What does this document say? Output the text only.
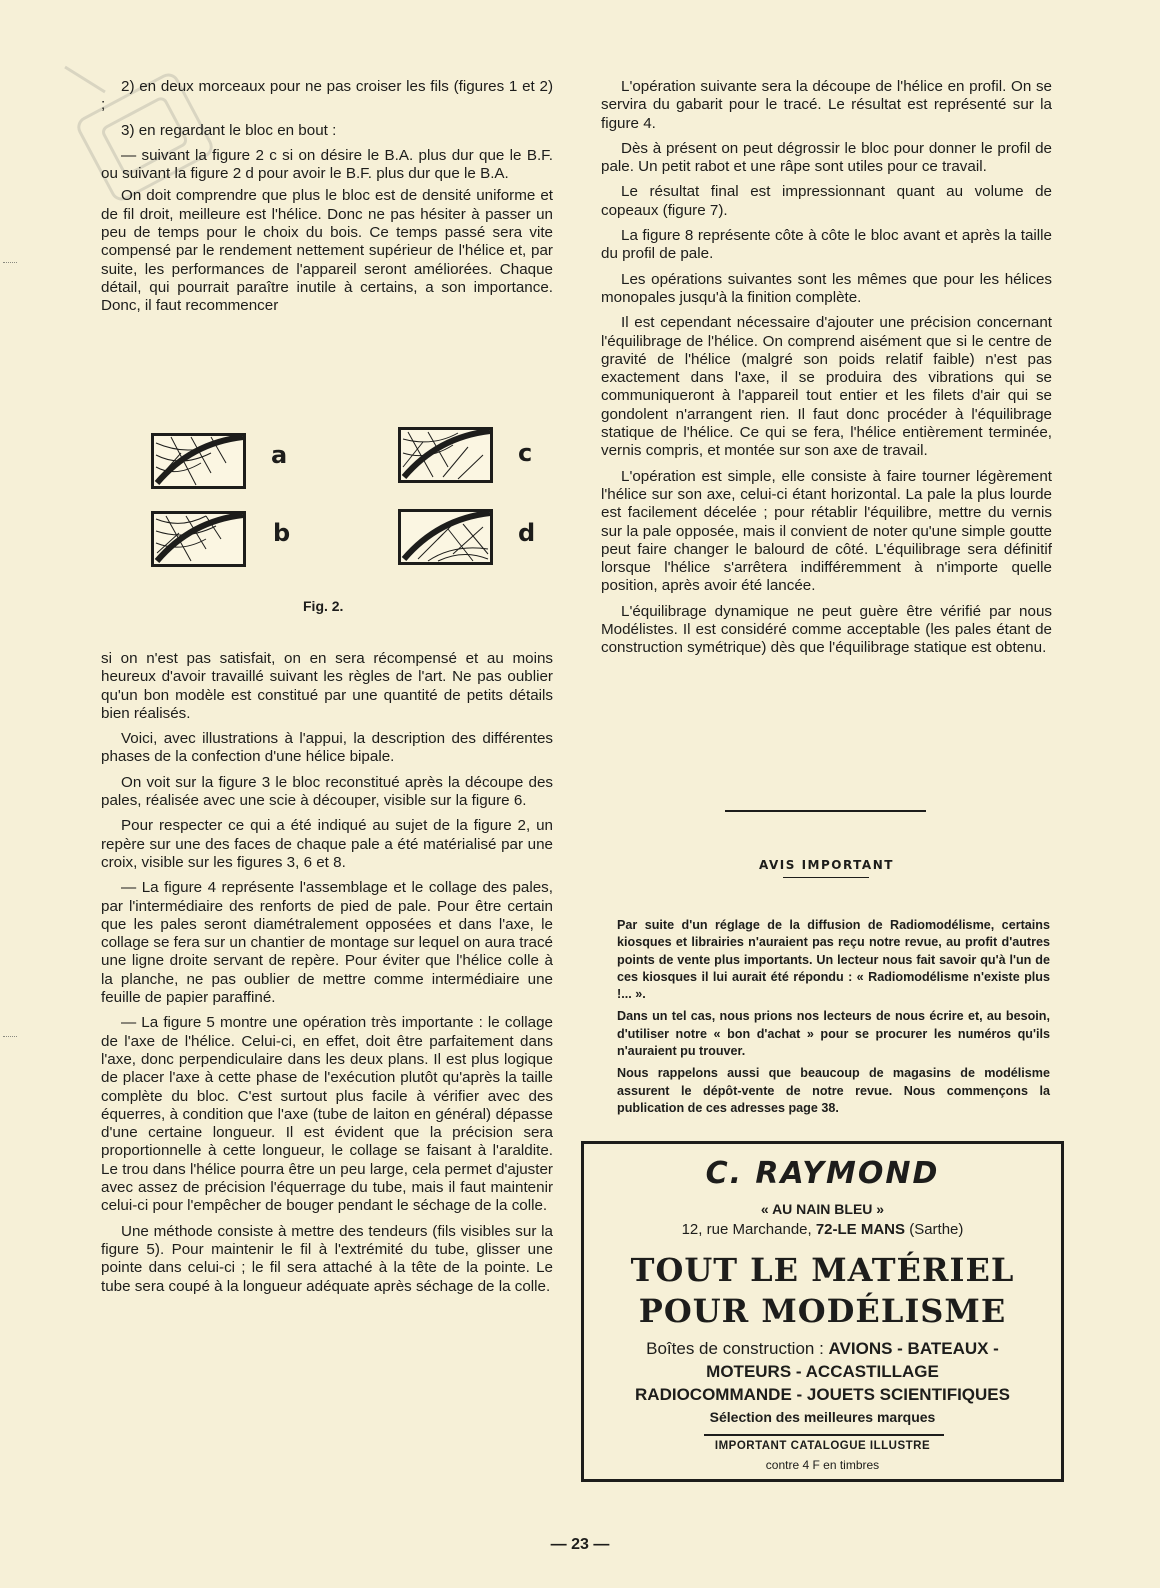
2) en deux morceaux pour ne pas croiser les fils (figures 1 et 2) ;

3) en regardant le bloc en bout :

— suivant la figure 2 c si on désire le B.A. plus dur que le B.F. ou suivant la figure 2 d pour avoir le B.F. plus dur que le B.A.

On doit comprendre que plus le bloc est de densité uniforme et de fil droit, meilleure est l'hélice. Donc ne pas hésiter à passer un peu de temps pour le choix du bois. Ce temps passé sera vite compensé par le rendement nettement supérieur de l'hélice et, par suite, les performances de l'appareil seront améliorées. Chaque détail, qui pourrait paraître inutile à certains, a son importance. Donc, il faut recommencer

a	c
b	d
Fig. 2.

si on n'est pas satisfait, on en sera récompensé et au moins heureux d'avoir travaillé suivant les règles de l'art. Ne pas oublier qu'un bon modèle est constitué par une quantité de petits détails bien réalisés.

Voici, avec illustrations à l'appui, la description des différentes phases de la confection d'une hélice bipale.

On voit sur la figure 3 le bloc reconstitué après la découpe des pales, réalisée avec une scie à découper, visible sur la figure 6.

Pour respecter ce qui a été indiqué au sujet de la figure 2, un repère sur une des faces de chaque pale a été matérialisé par une croix, visible sur les figures 3, 6 et 8.

— La figure 4 représente l'assemblage et le collage des pales, par l'intermédiaire des renforts de pied de pale. Pour être certain que les pales seront diamétralement opposées et dans l'axe, le collage se fera sur un chantier de montage sur lequel on aura tracé une ligne droite servant de repère. Pour éviter que l'hélice colle à la planche, ne pas oublier de mettre comme intermédiaire une feuille de papier paraffiné.

— La figure 5 montre une opération très importante : le collage de l'axe de l'hélice. Celui-ci, en effet, doit être parfaitement dans l'axe, donc perpendiculaire dans les deux plans. Il est plus logique de placer l'axe à cette phase de l'exécution plutôt qu'après la taille complète du bloc. C'est surtout plus facile à vérifier avec des équerres, à condition que l'axe (tube de laiton en général) dépasse d'une certaine longueur. Il est évident que la précision sera proportionnelle à cette longueur, le collage se faisant à l'araldite. Le trou dans l'hélice pourra être un peu large, cela permet d'ajuster avec assez de précision l'équerrage du tube, mais il faut maintenir celui-ci pour l'empêcher de bouger pendant le séchage de la colle.

Une méthode consiste à mettre des tendeurs (fils visibles sur la figure 5). Pour maintenir le fil à l'extrémité du tube, glisser une pointe dans celui-ci ; le fil sera attaché à la tête de la pointe. Le tube sera coupé à la longueur adéquate après séchage de la colle.

L'opération suivante sera la découpe de l'hélice en profil. On se servira du gabarit pour le tracé. Le résultat est représenté sur la figure 4.

Dès à présent on peut dégrossir le bloc pour donner le profil de pale. Un petit rabot et une râpe sont utiles pour ce travail.

Le résultat final est impressionnant quant au volume de copeaux (figure 7).

La figure 8 représente côte à côte le bloc avant et après la taille du profil de pale.

Les opérations suivantes sont les mêmes que pour les hélices monopales jusqu'à la finition complète.

Il est cependant nécessaire d'ajouter une précision concernant l'équilibrage de l'hélice. On comprend aisément que si le centre de gravité de l'hélice (malgré son poids relatif faible) n'est pas exactement dans l'axe, il se produira des vibrations qui se communiqueront à l'appareil tout entier et les filets d'air qui se gondolent n'arrangent rien. Il faut donc procéder à l'équilibrage statique de l'hélice. Ce qui se fera, l'hélice entièrement terminée, vernis compris, et montée sur son axe de travail.

L'opération est simple, elle consiste à faire tourner légèrement l'hélice sur son axe, celui-ci étant horizontal. La pale la plus lourde est facilement décelée ; pour rétablir l'équilibre, mettre du vernis sur la pale opposée, mais il convient de noter qu'une simple goutte peut faire changer le balourd de côté. L'équilibrage sera définitif lorsque l'hélice s'arrêtera indifféremment à n'importe quelle position, après avoir été lancée.

L'équilibrage dynamique ne peut guère être vérifié par nous Modélistes. Il est considéré comme acceptable (les pales étant de construction symétrique) dès que l'équilibrage statique est obtenu.

AVIS IMPORTANT

Par suite d'un réglage de la diffusion de Radiomodélisme, certains kiosques et librairies n'auraient pas reçu notre revue, au profit d'autres points de vente plus importants. Un lecteur nous fait savoir qu'à l'un de ces kiosques il lui aurait été répondu : « Radiomodélisme n'existe plus !... ».

Dans un tel cas, nous prions nos lecteurs de nous écrire et, au besoin, d'utiliser notre « bon d'achat » pour se procurer les numéros qu'ils n'auraient pu trouver.

Nous rappelons aussi que beaucoup de magasins de modélisme assurent le dépôt-vente de notre revue. Nous commençons la publication de ces adresses page 38.

C. RAYMOND
« AU NAIN BLEU »
12, rue Marchande, 72-LE MANS (Sarthe)
TOUT LE MATÉRIEL
POUR MODÉLISME
Boîtes de construction : AVIONS - BATEAUX -
MOTEURS - ACCASTILLAGE
RADIOCOMMANDE - JOUETS SCIENTIFIQUES
Sélection des meilleures marques
IMPORTANT CATALOGUE ILLUSTRE
contre 4 F en timbres
— 23 —
